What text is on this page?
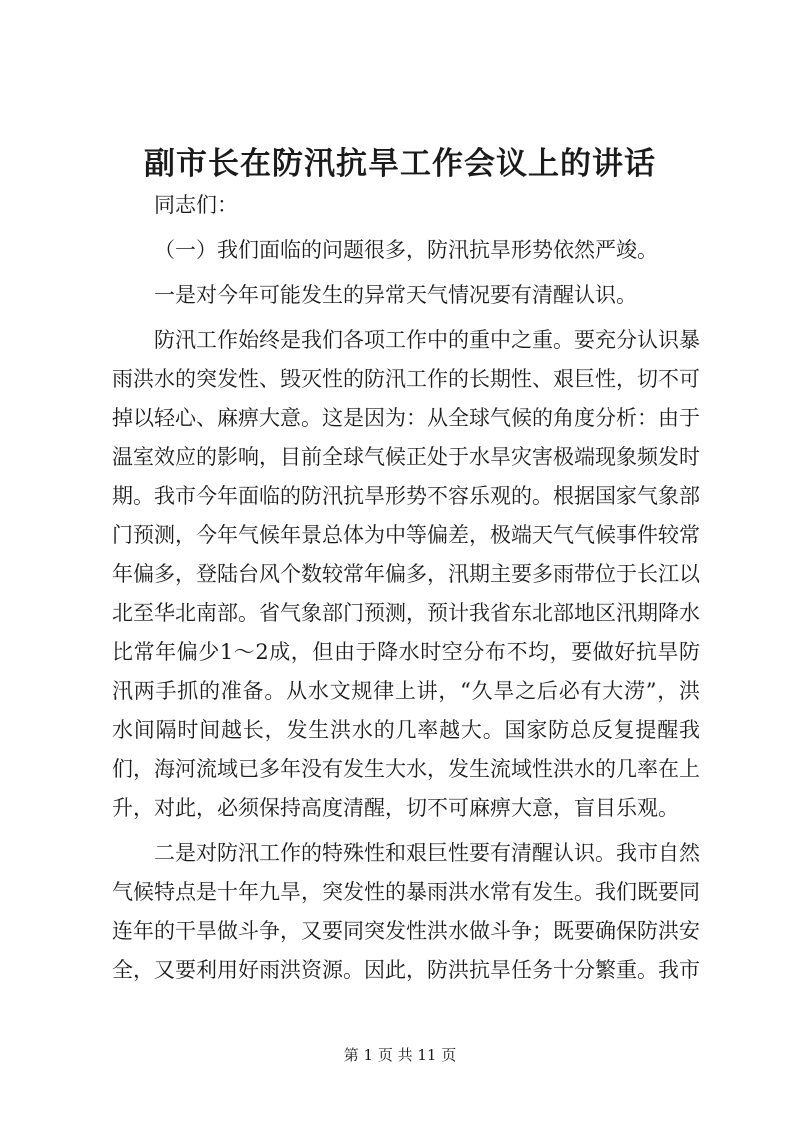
副市长在防汛抗旱工作会议上的讲话

同志们：

（一）我们面临的问题很多，防汛抗旱形势依然严竣。

一是对今年可能发生的异常天气情况要有清醒认识。

防汛工作始终是我们各项工作中的重中之重。要充分认识暴雨洪水的突发性、毁灭性的防汛工作的长期性、艰巨性，切不可掉以轻心、麻痹大意。这是因为：从全球气候的角度分析：由于温室效应的影响，目前全球气候正处于水旱灾害极端现象频发时期。我市今年面临的防汛抗旱形势不容乐观的。根据国家气象部门预测，今年气候年景总体为中等偏差，极端天气气候事件较常年偏多，登陆台风个数较常年偏多，汛期主要多雨带位于长江以北至华北南部。省气象部门预测，预计我省东北部地区汛期降水比常年偏少1～2成，但由于降水时空分布不均，要做好抗旱防汛两手抓的准备。从水文规律上讲，“久旱之后必有大涝”，洪水间隔时间越长，发生洪水的几率越大。国家防总反复提醒我们，海河流域已多年没有发生大水，发生流域性洪水的几率在上升，对此，必须保持高度清醒，切不可麻痹大意，盲目乐观。

二是对防汛工作的特殊性和艰巨性要有清醒认识。我市自然气候特点是十年九旱，突发性的暴雨洪水常有发生。我们既要同连年的干旱做斗争，又要同突发性洪水做斗争；既要确保防洪安全，又要利用好雨洪资源。因此，防洪抗旱任务十分繁重。我市

第 1 页 共 11 页
